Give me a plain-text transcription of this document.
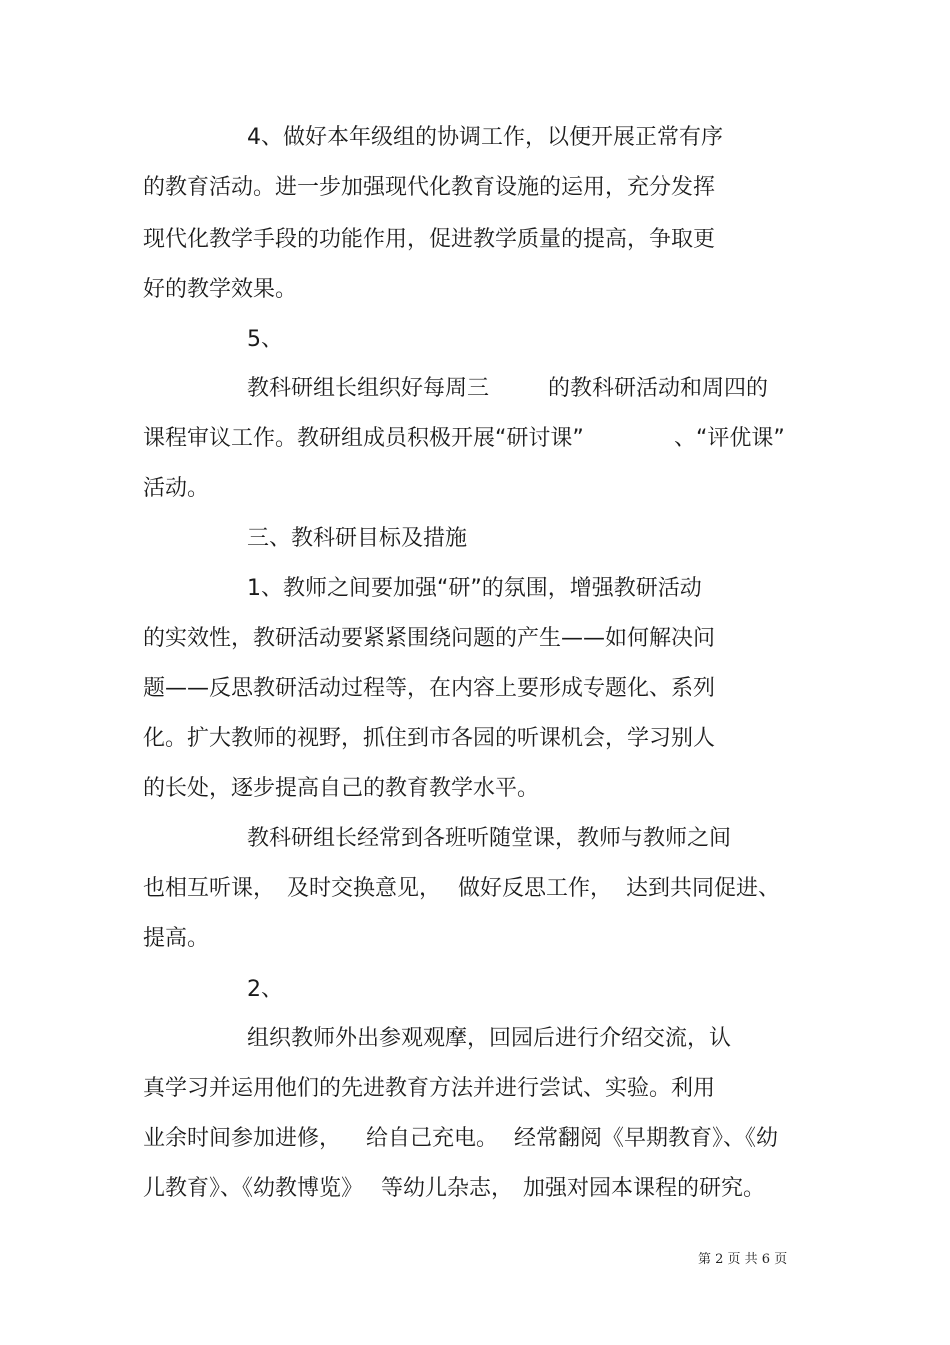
4、做好本年级组的协调工作，以便开展正常有序
的教育活动。进一步加强现代化教育设施的运用，充分发挥
现代化教学手段的功能作用，促进教学质量的提高，争取更
好的教学效果。
5、
教科研组长组织好每周三	的教科研活动和周四的
课程审议工作。教研组成员积极开展“研讨课”	、“评优课”
活动。
三、教科研目标及措施
1、教师之间要加强“研”的氛围，增强教研活动
的实效性，教研活动要紧紧围绕问题的产生——如何解决问
题——反思教研活动过程等，在内容上要形成专题化、系列
化。扩大教师的视野，抓住到市各园的听课机会，学习别人
的长处，逐步提高自己的教育教学水平。
教科研组长经常到各班听随堂课，教师与教师之间
也相互听课， 及时交换意见， 做好反思工作， 达到共同促进、
提高。
2、
组织教师外出参观观摩，回园后进行介绍交流，认
真学习并运用他们的先进教育方法并进行尝试、实验。利用
业余时间参加进修， 给自己充电。 经常翻阅《早期教育》、《幼
儿教育》、《幼教博览》 等幼儿杂志， 加强对园本课程的研究。
第 2 页 共 6 页
